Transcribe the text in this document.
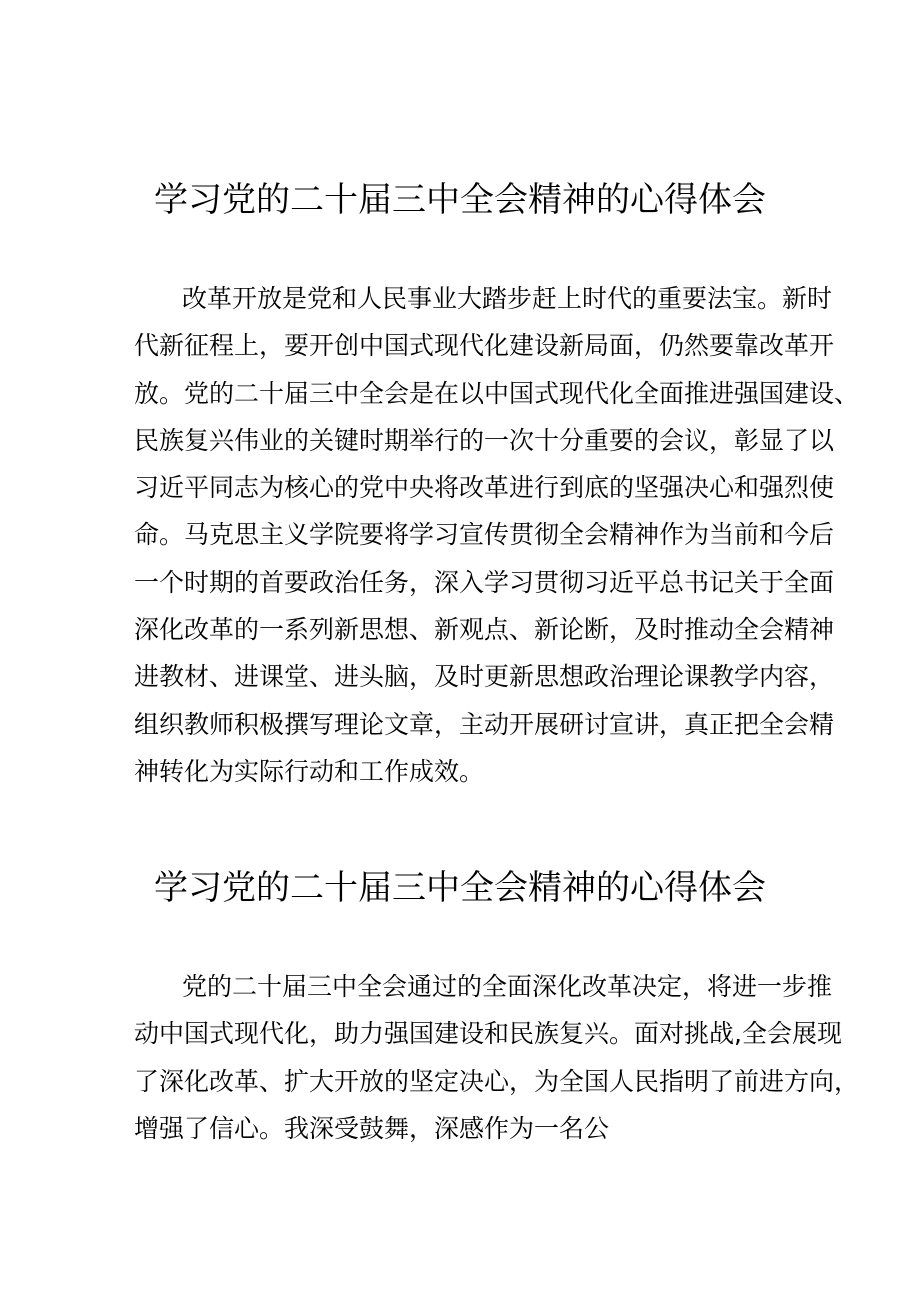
学习党的二十届三中全会精神的心得体会
改革开放是党和人民事业大踏步赶上时代的重要法宝。新时
代新征程上，要开创中国式现代化建设新局面，仍然要靠改革开
放。党的二十届三中全会是在以中国式现代化全面推进强国建设、
民族复兴伟业的关键时期举行的一次十分重要的会议，彰显了以
习近平同志为核心的党中央将改革进行到底的坚强决心和强烈使
命。马克思主义学院要将学习宣传贯彻全会精神作为当前和今后
一个时期的首要政治任务，深入学习贯彻习近平总书记关于全面
深化改革的一系列新思想、新观点、新论断，及时推动全会精神
进教材、进课堂、进头脑，及时更新思想政治理论课教学内容，
组织教师积极撰写理论文章，主动开展研讨宣讲，真正把全会精
神转化为实际行动和工作成效。
学习党的二十届三中全会精神的心得体会
党的二十届三中全会通过的全面深化改革决定，将进一步推
动中国式现代化，助力强国建设和民族复兴。面对挑战,全会展现
了深化改革、扩大开放的坚定决心，为全国人民指明了前进方向，
增强了信心。我深受鼓舞，深感作为一名公
